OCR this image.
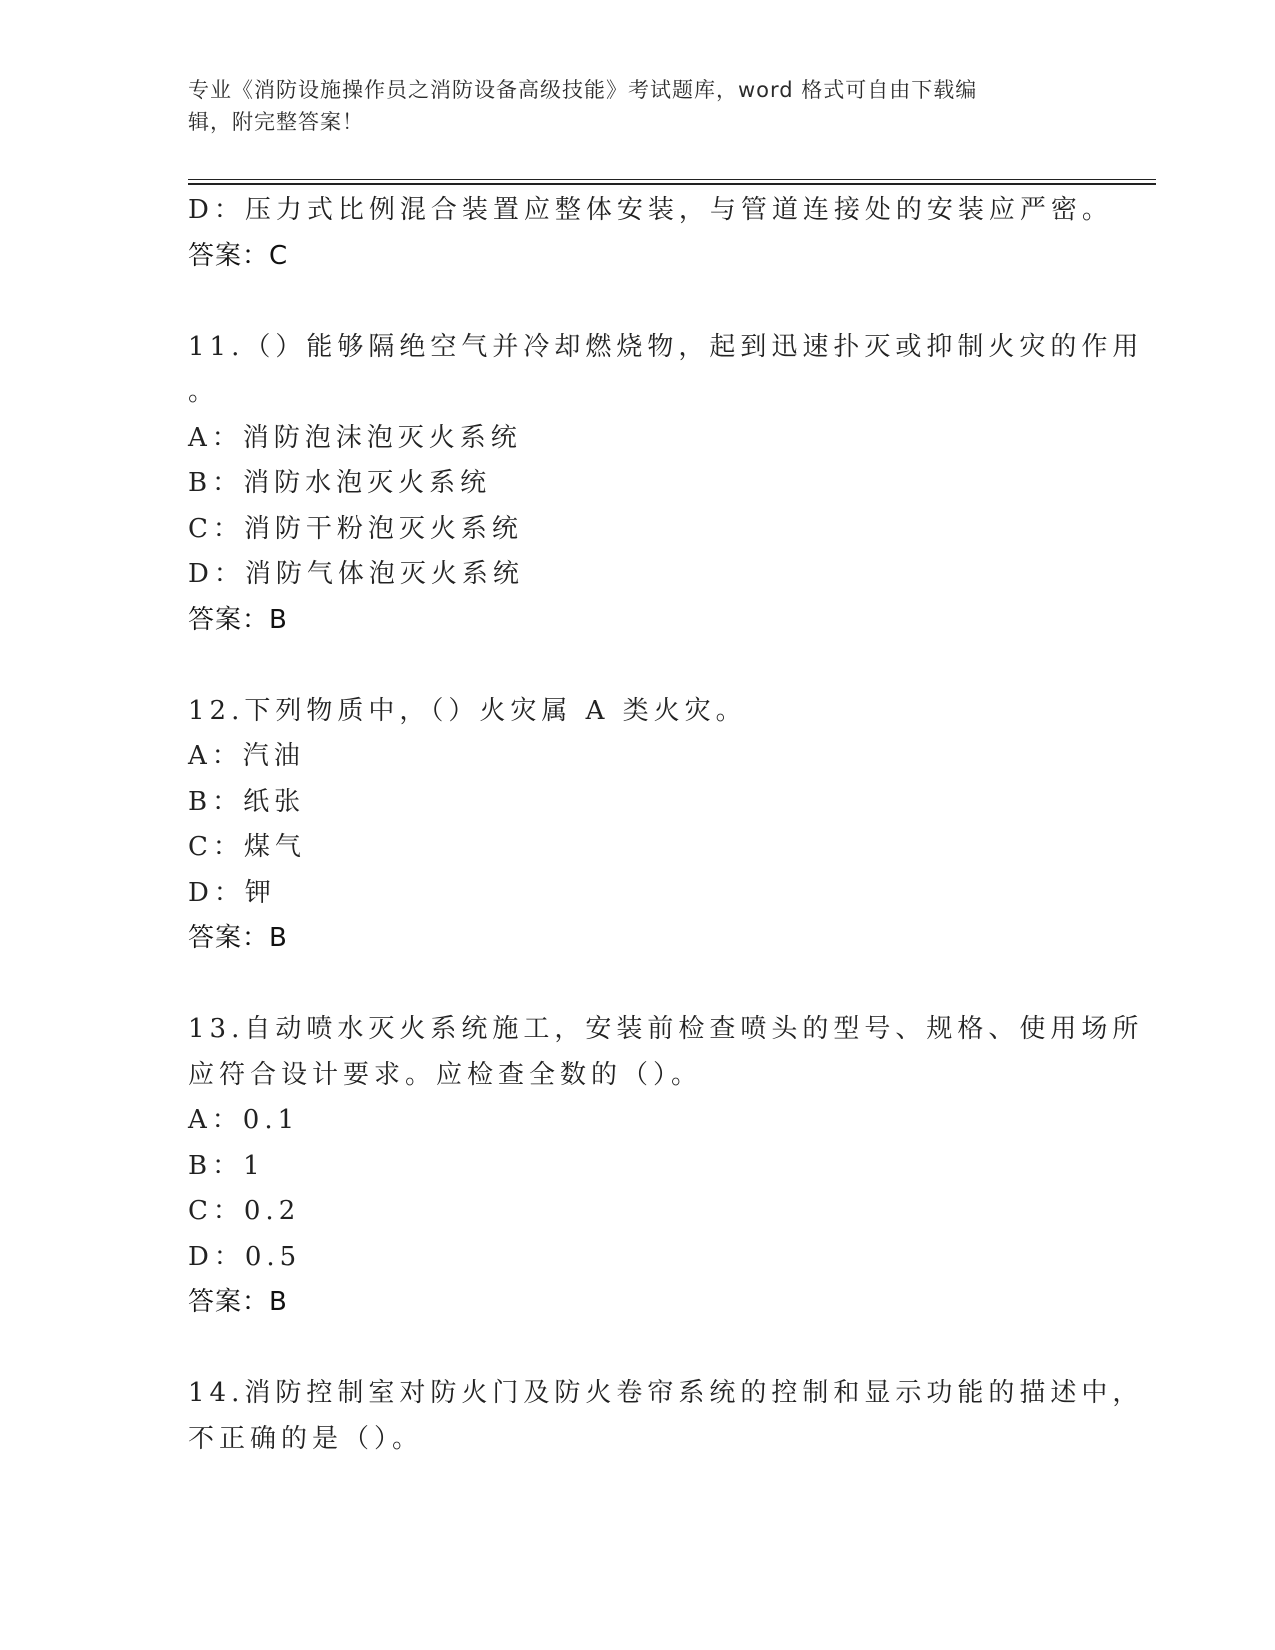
专业《消防设施操作员之消防设备高级技能》考试题库，word 格式可自由下载编
辑，附完整答案！
D：压力式比例混合装置应整体安装，与管道连接处的安装应严密。
答案：C
11.（）能够隔绝空气并冷却燃烧物，起到迅速扑灭或抑制火灾的作用
。
A：消防泡沫泡灭火系统
B：消防水泡灭火系统
C：消防干粉泡灭火系统
D：消防气体泡灭火系统
答案：B
12.下列物质中，（）火灾属 A 类火灾。
A：汽油
B：纸张
C：煤气
D：钾
答案：B
13.自动喷水灭火系统施工，安装前检查喷头的型号、规格、使用场所
应符合设计要求。应检查全数的（）。
A：0.1
B：1
C：0.2
D：0.5
答案：B
14.消防控制室对防火门及防火卷帘系统的控制和显示功能的描述中，
不正确的是（）。
